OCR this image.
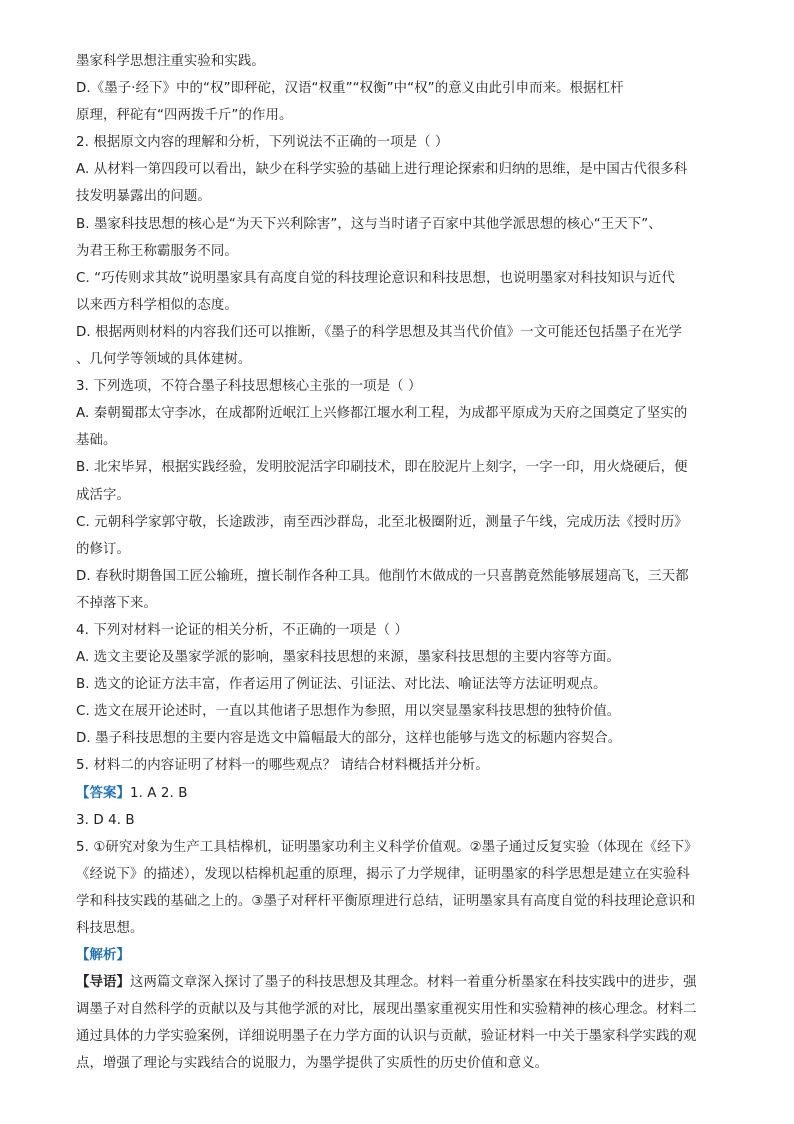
墨家科学思想注重实验和实践。
D.《墨子·经下》中的“权”即秤砣，汉语“权重”“权衡”中“权”的意义由此引申而来。根据杠杆
原理，秤砣有“四两拨千斤”的作用。
2. 根据原文内容的理解和分析，下列说法不正确的一项是（ ）
A. 从材料一第四段可以看出，缺少在科学实验的基础上进行理论探索和归纳的思维，是中国古代很多科
技发明暴露出的问题。
B. 墨家科技思想的核心是“为天下兴利除害”，这与当时诸子百家中其他学派思想的核心“王天下”、
为君王称王称霸服务不同。
C. “巧传则求其故”说明墨家具有高度自觉的科技理论意识和科技思想，也说明墨家对科技知识与近代
以来西方科学相似的态度。
D. 根据两则材料的内容我们还可以推断，《墨子的科学思想及其当代价值》一文可能还包括墨子在光学
、几何学等领域的具体建树。
3. 下列选项，不符合墨子科技思想核心主张的一项是（ ）
A. 秦朝蜀郡太守李冰，在成都附近岷江上兴修都江堰水利工程，为成都平原成为天府之国奠定了坚实的
基础。
B. 北宋毕昇，根据实践经验，发明胶泥活字印刷技术，即在胶泥片上刻字，一字一印，用火烧硬后，便
成活字。
C. 元朝科学家郭守敬，长途跋涉，南至西沙群岛，北至北极圈附近，测量子午线，完成历法《授时历》
的修订。
D. 春秋时期鲁国工匠公输班，擅长制作各种工具。他削竹木做成的一只喜鹊竟然能够展翅高飞，三天都
不掉落下来。
4. 下列对材料一论证的相关分析，不正确的一项是（ ）
A. 选文主要论及墨家学派的影响，墨家科技思想的来源，墨家科技思想的主要内容等方面。
B. 选文的论证方法丰富，作者运用了例证法、引证法、对比法、喻证法等方法证明观点。
C. 选文在展开论述时，一直以其他诸子思想作为参照，用以突显墨家科技思想的独特价值。
D. 墨子科技思想的主要内容是选文中篇幅最大的部分，这样也能够与选文的标题内容契合。
5. 材料二的内容证明了材料一的哪些观点？ 请结合材料概括并分析。
【答案】1. A 2. B
3. D 4. B
5. ①研究对象为生产工具桔槔机，证明墨家功利主义科学价值观。②墨子通过反复实验（体现在《经下》
《经说下》的描述），发现以桔槔机起重的原理，揭示了力学规律，证明墨家的科学思想是建立在实验科
学和科技实践的基础之上的。③墨子对秤杆平衡原理进行总结，证明墨家具有高度自觉的科技理论意识和
科技思想。
【解析】
【导语】这两篇文章深入探讨了墨子的科技思想及其理念。材料一着重分析墨家在科技实践中的进步，强
调墨子对自然科学的贡献以及与其他学派的对比，展现出墨家重视实用性和实验精神的核心理念。材料二
通过具体的力学实验案例，详细说明墨子在力学方面的认识与贡献，验证材料一中关于墨家科学实践的观
点，增强了理论与实践结合的说服力，为墨学提供了实质性的历史价值和意义。
